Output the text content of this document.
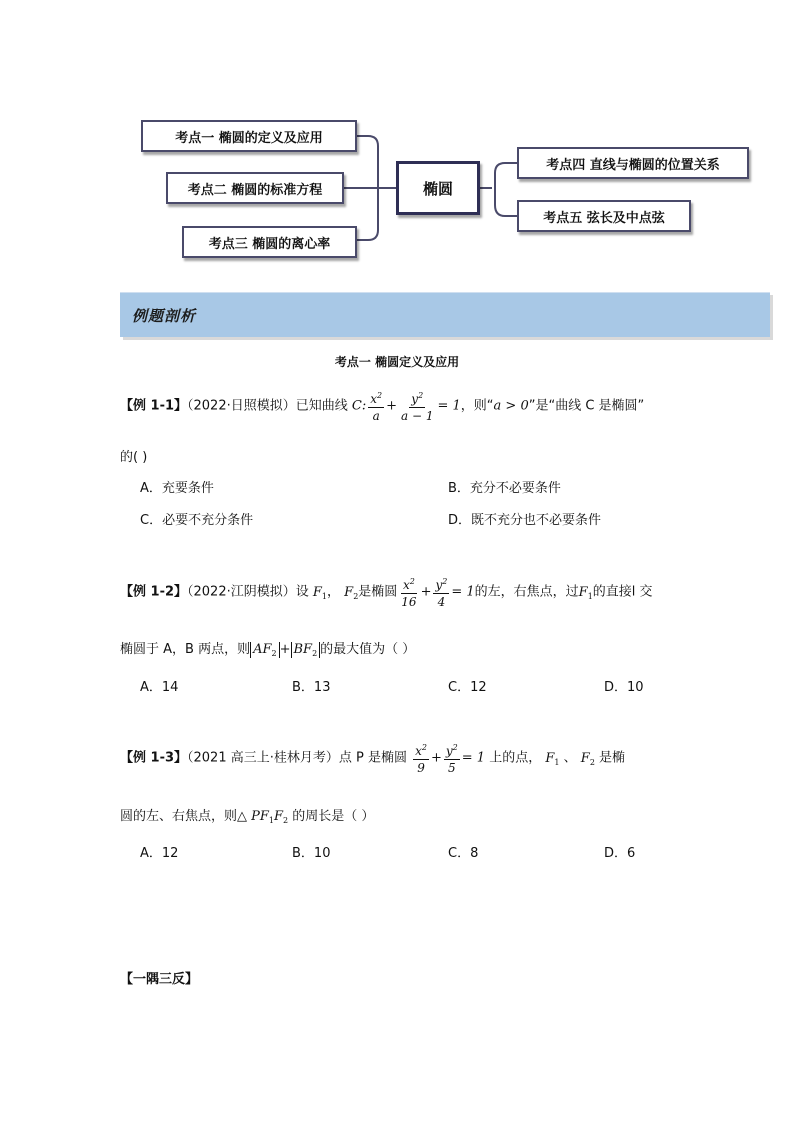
考点一 椭圆的定义及应用
考点二 椭圆的标准方程
考点三 椭圆的离心率
椭圆
考点四 直线与椭圆的位置关系
考点五 弦长及中点弦
例题剖析
考点一 椭圆定义及应用
【例 1-1】（2022·日照模拟）已知曲线 C: $\frac{x^2}{a} + \frac{y^2}{a - 1} = 1$，则“a > 0”是“曲线 C 是椭圆”
的( )
A．充要条件	B．充分不必要条件
C．必要不充分条件	D．既不充分也不必要条件
【例 1-2】（2022·江阴模拟）设 $F_1$， $F_2$是椭圆 $\frac{x^2}{16} + \frac{y^2}{4} = 1$的左，右焦点，过$F_1$的直接l 交
椭圆于 A，B 两点，则 $AF_2 + BF_2$ 的最大值为（ ）
A．14	B．13	C．12	D．10
【例 1-3】（2021 高三上·桂林月考）点 P 是椭圆 $\frac{x^2}{9} + \frac{y^2}{5} = 1$ 上的点， $F_1$ 、 $F_2$ 是椭
圆的左、右焦点，则△ $PF_1F_2$ 的周长是（ ）
A．12	B．10	C．8	D．6
【一隅三反】
